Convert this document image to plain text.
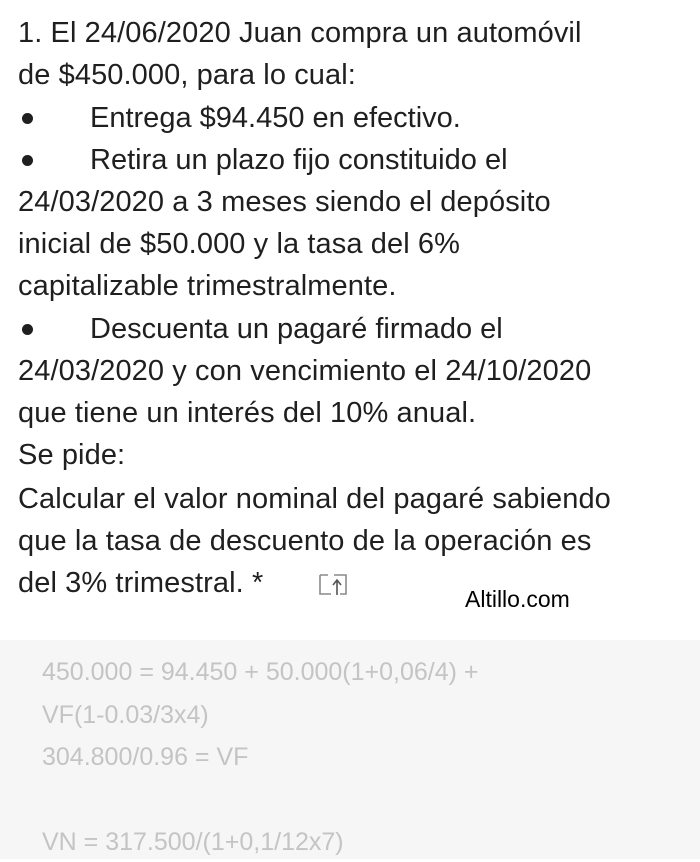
1. El 24/06/2020 Juan compra un automóvil
de $450.000, para lo cual:
Entrega $94.450 en efectivo.
Retira un plazo fijo constituido el
24/03/2020 a 3 meses siendo el depósito
inicial de $50.000 y la tasa del 6%
capitalizable trimestralmente.
Descuenta un pagaré firmado el
24/03/2020 y con vencimiento el 24/10/2020
que tiene un interés del 10% anual.
Se pide:
Calcular el valor nominal del pagaré sabiendo
que la tasa de descuento de la operación es
del 3% trimestral. *	Altillo.com
450.000 = 94.450 + 50.000(1+0,06/4) +
VF(1-0.03/3x4)
304.800/0.96 = VF
VN = 317.500/(1+0,1/12x7)
